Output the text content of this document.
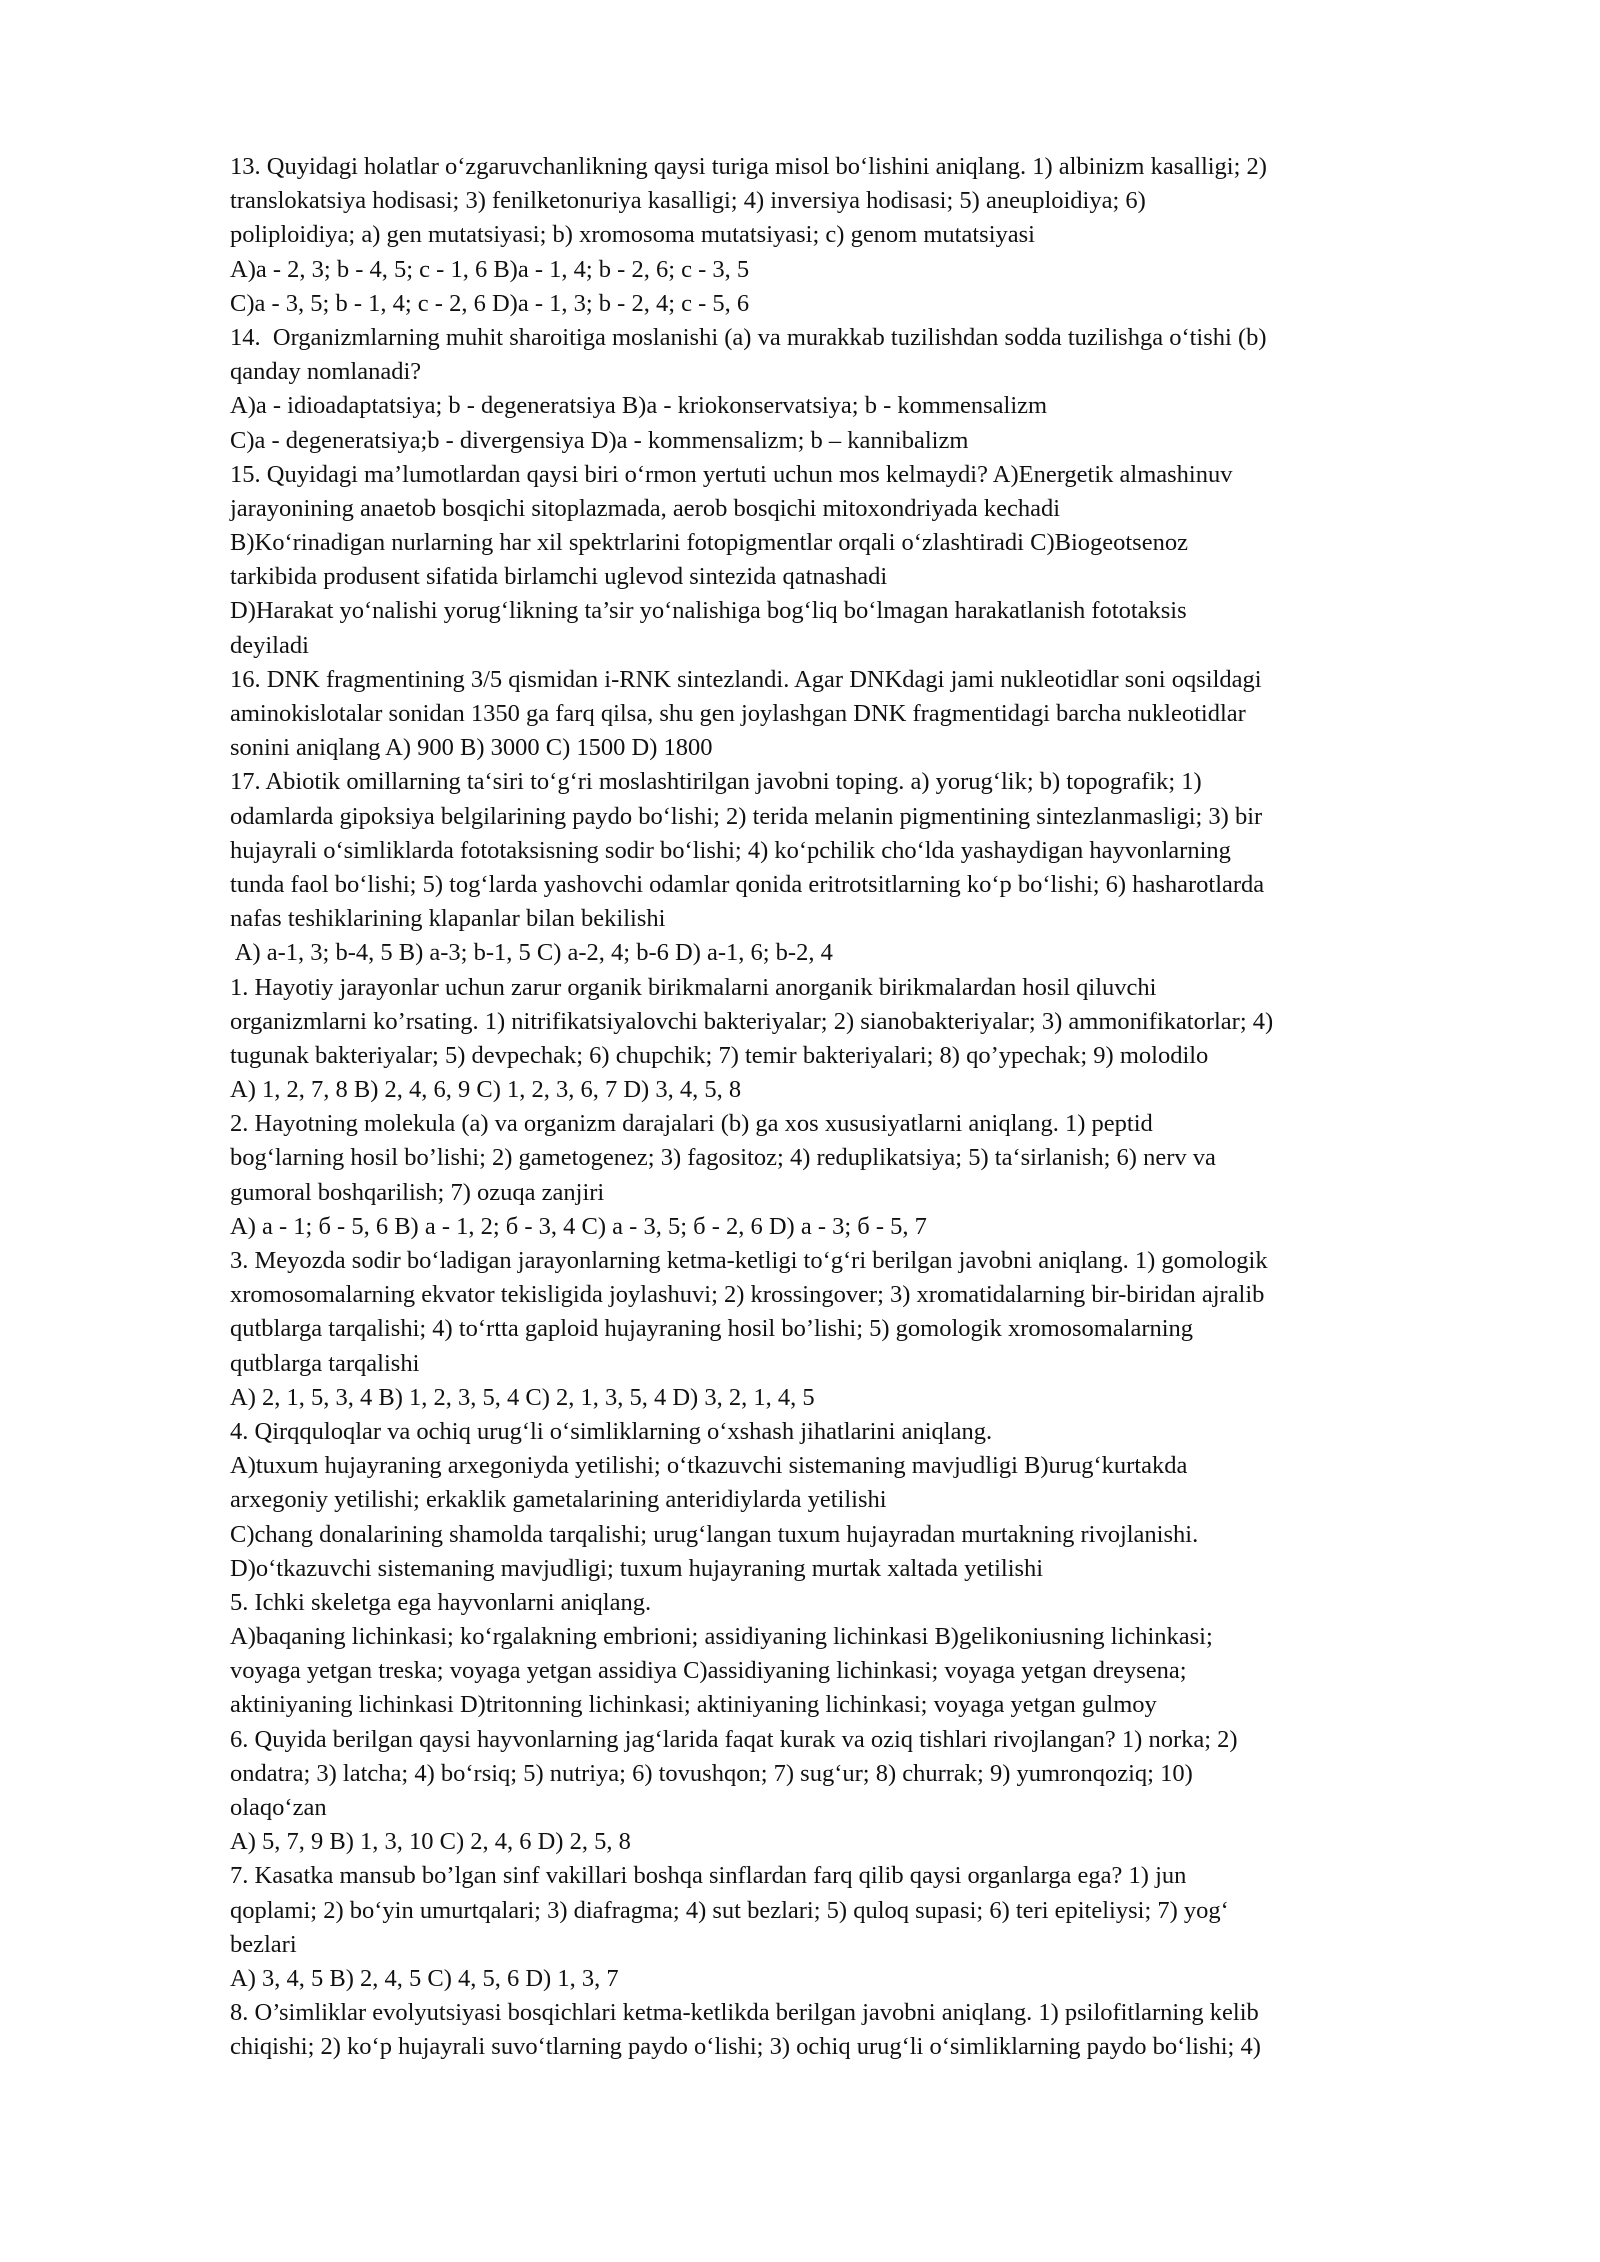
13. Quyidagi holatlar o‘zgaruvchanlikning qaysi turiga misol bo‘lishini aniqlang. 1) albinizm kasalligi; 2)
translokatsiya hodisasi; 3) fenilketonuriya kasalligi; 4) inversiya hodisasi; 5) aneuploidiya; 6)
poliploidiya; a) gen mutatsiyasi; b) xromosoma mutatsiyasi; c) genom mutatsiyasi
A)a - 2, 3; b - 4, 5; c - 1, 6 B)a - 1, 4; b - 2, 6; c - 3, 5
C)a - 3, 5; b - 1, 4; c - 2, 6 D)a - 1, 3; b - 2, 4; c - 5, 6
14.  Organizmlarning muhit sharoitiga moslanishi (a) va murakkab tuzilishdan sodda tuzilishga o‘tishi (b)
qanday nomlanadi?
A)a - idioadaptatsiya; b - degeneratsiya B)a - kriokonservatsiya; b - kommensalizm
C)a - degeneratsiya;b - divergensiya D)a - kommensalizm; b – kannibalizm
15. Quyidagi ma’lumotlardan qaysi biri o‘rmon yertuti uchun mos kelmaydi? A)Energetik almashinuv
jarayonining anaetob bosqichi sitoplazmada, aerob bosqichi mitoxondriyada kechadi
B)Ko‘rinadigan nurlarning har xil spektrlarini fotopigmentlar orqali o‘zlashtiradi C)Biogeotsenoz
tarkibida produsent sifatida birlamchi uglevod sintezida qatnashadi
D)Harakat yo‘nalishi yorug‘likning ta’sir yo‘nalishiga bog‘liq bo‘lmagan harakatlanish fototaksis
deyiladi
16. DNK fragmentining 3/5 qismidan i-RNK sintezlandi. Agar DNKdagi jami nukleotidlar soni oqsildagi
aminokislotalar sonidan 1350 ga farq qilsa, shu gen joylashgan DNK fragmentidagi barcha nukleotidlar
sonini aniqlang A) 900 B) 3000 C) 1500 D) 1800
17. Abiotik omillarning ta‘siri to‘g‘ri moslashtirilgan javobni toping. a) yorug‘lik; b) topografik; 1)
odamlarda gipoksiya belgilarining paydo bo‘lishi; 2) terida melanin pigmentining sintezlanmasligi; 3) bir
hujayrali o‘simliklarda fototaksisning sodir bo‘lishi; 4) ko‘pchilik cho‘lda yashaydigan hayvonlarning
tunda faol bo‘lishi; 5) tog‘larda yashovchi odamlar qonida eritrotsitlarning ko‘p bo‘lishi; 6) hasharotlarda
nafas teshiklarining klapanlar bilan bekilishi
A) a-1, 3; b-4, 5 B) a-3; b-1, 5 C) a-2, 4; b-6 D) a-1, 6; b-2, 4
1. Hayotiy jarayonlar uchun zarur organik birikmalarni anorganik birikmalardan hosil qiluvchi
organizmlarni ko’rsating. 1) nitrifikatsiyalovchi bakteriyalar; 2) sianobakteriyalar; 3) ammonifikatorlar; 4)
tugunak bakteriyalar; 5) devpechak; 6) chupchik; 7) temir bakteriyalari; 8) qo’ypechak; 9) molodilo
A) 1, 2, 7, 8 B) 2, 4, 6, 9 C) 1, 2, 3, 6, 7 D) 3, 4, 5, 8
2. Hayotning molekula (a) va organizm darajalari (b) ga xos xususiyatlarni aniqlang. 1) peptid
bog‘larning hosil bo’lishi; 2) gametogenez; 3) fagositoz; 4) reduplikatsiya; 5) ta‘sirlanish; 6) nerv va
gumoral boshqarilish; 7) ozuqa zanjiri
A) a - 1; б - 5, 6 B) a - 1, 2; б - 3, 4 C) a - 3, 5; б - 2, 6 D) a - 3; б - 5, 7
3. Meyozda sodir bo‘ladigan jarayonlarning ketma-ketligi to‘g‘ri berilgan javobni aniqlang. 1) gomologik
xromosomalarning ekvator tekisligida joylashuvi; 2) krossingover; 3) xromatidalarning bir-biridan ajralib
qutblarga tarqalishi; 4) to‘rtta gaploid hujayraning hosil bo’lishi; 5) gomologik xromosomalarning
qutblarga tarqalishi
A) 2, 1, 5, 3, 4 B) 1, 2, 3, 5, 4 C) 2, 1, 3, 5, 4 D) 3, 2, 1, 4, 5
4. Qirqquloqlar va ochiq urug‘li o‘simliklarning o‘xshash jihatlarini aniqlang.
A)tuxum hujayraning arxegoniyda yetilishi; o‘tkazuvchi sistemaning mavjudligi B)urug‘kurtakda
arxegoniy yetilishi; erkaklik gametalarining anteridiylarda yetilishi
C)chang donalarining shamolda tarqalishi; urug‘langan tuxum hujayradan murtakning rivojlanishi.
D)o‘tkazuvchi sistemaning mavjudligi; tuxum hujayraning murtak xaltada yetilishi
5. Ichki skeletga ega hayvonlarni aniqlang.
A)baqaning lichinkasi; ko‘rgalakning embrioni; assidiyaning lichinkasi B)gelikoniusning lichinkasi;
voyaga yetgan treska; voyaga yetgan assidiya C)assidiyaning lichinkasi; voyaga yetgan dreysena;
aktiniyaning lichinkasi D)tritonning lichinkasi; aktiniyaning lichinkasi; voyaga yetgan gulmoy
6. Quyida berilgan qaysi hayvonlarning jag‘larida faqat kurak va oziq tishlari rivojlangan? 1) norka; 2)
ondatra; 3) latcha; 4) bo‘rsiq; 5) nutriya; 6) tovushqon; 7) sug‘ur; 8) churrak; 9) yumronqoziq; 10)
olaqo‘zan
A) 5, 7, 9 B) 1, 3, 10 C) 2, 4, 6 D) 2, 5, 8
7. Kasatka mansub bo’lgan sinf vakillari boshqa sinflardan farq qilib qaysi organlarga ega? 1) jun
qoplami; 2) bo‘yin umurtqalari; 3) diafragma; 4) sut bezlari; 5) quloq supasi; 6) teri epiteliysi; 7) yog‘
bezlari
A) 3, 4, 5 B) 2, 4, 5 C) 4, 5, 6 D) 1, 3, 7
8. O’simliklar evolyutsiyasi bosqichlari ketma-ketlikda berilgan javobni aniqlang. 1) psilofitlarning kelib
chiqishi; 2) ko‘p hujayrali suvo‘tlarning paydo o‘lishi; 3) ochiq urug‘li o‘simliklarning paydo bo‘lishi; 4)
